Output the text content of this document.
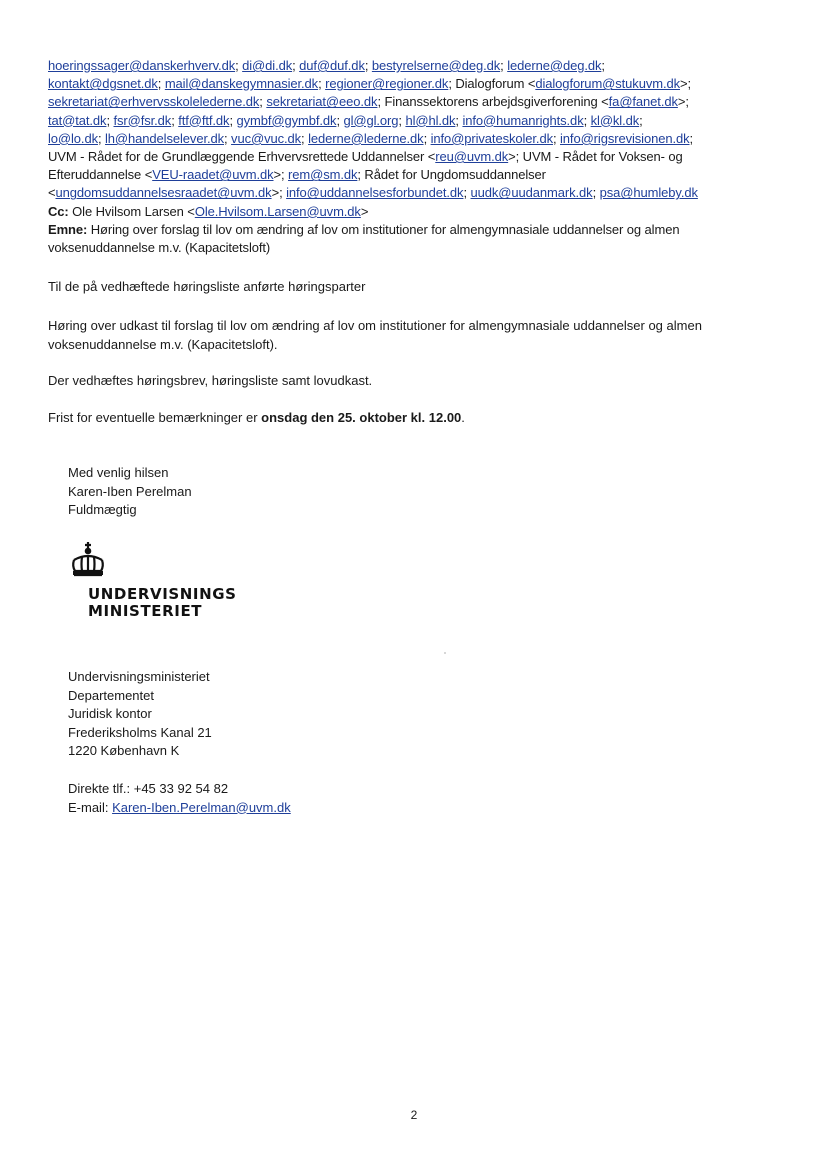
hoeringssager@danskerhverv.dk; di@di.dk; duf@duf.dk; bestyrelserne@deg.dk; lederne@deg.dk;
kontakt@dgsnet.dk; mail@danskegymnasier.dk; regioner@regioner.dk; Dialogforum <dialogforum@stukuvm.dk>;
sekretariat@erhvervsskolelederne.dk; sekretariat@eeo.dk; Finanssektorens arbejdsgiverforening <fa@fanet.dk>;
tat@tat.dk; fsr@fsr.dk; ftf@ftf.dk; gymbf@gymbf.dk; gl@gl.org; hl@hl.dk; info@humanrights.dk; kl@kl.dk;
lo@lo.dk; lh@handelselever.dk; vuc@vuc.dk; lederne@lederne.dk; info@privateskoler.dk; info@rigsrevisionen.dk;
UVM - Rådet for de Grundlæggende Erhvervsrettede Uddannelser <reu@uvm.dk>; UVM - Rådet for Voksen- og
Efteruddannelse <VEU-raadet@uvm.dk>; rem@sm.dk; Rådet for Ungdomsuddannelser
<ungdomsuddannelsesraadet@uvm.dk>; info@uddannelsesforbundet.dk; uudk@uudanmark.dk; psa@humleby.dk
Cc: Ole Hvilsom Larsen <Ole.Hvilsom.Larsen@uvm.dk>
Emne: Høring over forslag til lov om ændring af lov om institutioner for almengymnasiale uddannelser og almen
voksenuddannelse m.v. (Kapacitetsloft)
Til de på vedhæftede høringsliste anførte høringsparter
Høring over udkast til forslag til lov om ændring af lov om institutioner for almengymnasiale uddannelser og almen
voksenuddannelse m.v. (Kapacitetsloft).
Der vedhæftes høringsbrev, høringsliste samt lovudkast.
Frist for eventuelle bemærkninger er onsdag den 25. oktober kl. 12.00.
Med venlig hilsen
Karen-Iben Perelman
Fuldmægtig
UNDERVISNINGS
MINISTERIET
Undervisningsministeriet
Departementet
Juridisk kontor
Frederiksholms Kanal 21
1220 København K
Direkte tlf.: +45 33 92 54 82
E-mail: Karen-Iben.Perelman@uvm.dk
2
